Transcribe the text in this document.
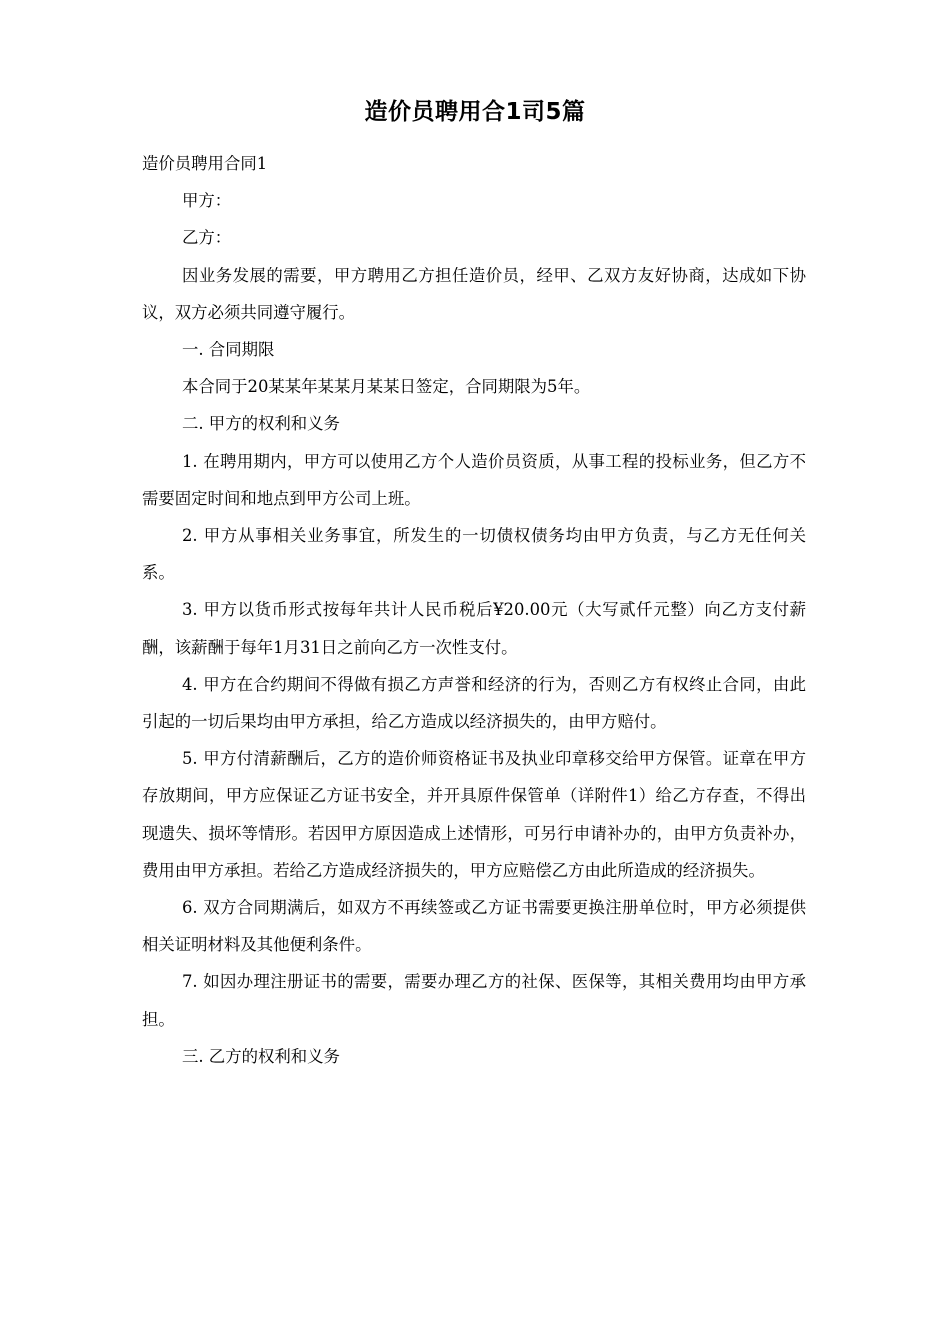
造价员聘用合1司5篇

造价员聘用合同1

甲方：

乙方：

因业务发展的需要，甲方聘用乙方担任造价员，经甲、乙双方友好协商，达成如下协议，双方必须共同遵守履行。

一. 合同期限

本合同于20某某年某某月某某日签定，合同期限为5年。

二. 甲方的权利和义务

1. 在聘用期内，甲方可以使用乙方个人造价员资质，从事工程的投标业务，但乙方不需要固定时间和地点到甲方公司上班。

2. 甲方从事相关业务事宜，所发生的一切债权债务均由甲方负责，与乙方无任何关系。

3. 甲方以货币形式按每年共计人民币税后¥20.00元（大写贰仟元整）向乙方支付薪酬，该薪酬于每年1月31日之前向乙方一次性支付。

4. 甲方在合约期间不得做有损乙方声誉和经济的行为，否则乙方有权终止合同，由此引起的一切后果均由甲方承担，给乙方造成以经济损失的，由甲方赔付。

5. 甲方付清薪酬后，乙方的造价师资格证书及执业印章移交给甲方保管。证章在甲方存放期间，甲方应保证乙方证书安全，并开具原件保管单（详附件1）给乙方存查，不得出现遗失、损坏等情形。若因甲方原因造成上述情形，可另行申请补办的，由甲方负责补办，费用由甲方承担。若给乙方造成经济损失的，甲方应赔偿乙方由此所造成的经济损失。

6. 双方合同期满后，如双方不再续签或乙方证书需要更换注册单位时，甲方必须提供相关证明材料及其他便利条件。

7. 如因办理注册证书的需要，需要办理乙方的社保、医保等，其相关费用均由甲方承担。

三. 乙方的权利和义务
